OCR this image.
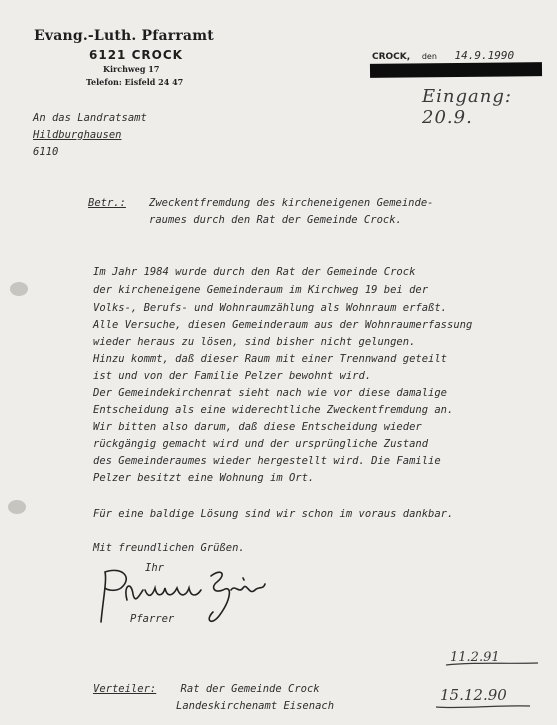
Evang.-Luth. Pfarramt
6121 CROCK
Kirchweg 17
Telefon: Eisfeld 24 47
CROCK, den 14.9.1990
Eingang: 20.9.
An das Landratsamt
Hildburghausen
6110
Betr.: Zweckentfremdung des kircheneigenen Gemeinde-
raumes durch den Rat der Gemeinde Crock.
Im Jahr 1984 wurde durch den Rat der Gemeinde Crock
der kircheneigene Gemeinderaum im Kirchweg 19 bei der
Volks-, Berufs- und Wohnraumzählung als Wohnraum erfaßt.
Alle Versuche, diesen Gemeinderaum aus der Wohnraumerfassung
wieder heraus zu lösen, sind bisher nicht gelungen.
Hinzu kommt, daß dieser Raum mit einer Trennwand geteilt
ist und von der Familie Pelzer bewohnt wird.
Der Gemeindekirchenrat sieht nach wie vor diese damalige
Entscheidung als eine widerechtliche Zweckentfremdung an.
Wir bitten also darum, daß diese Entscheidung wieder
rückgängig gemacht wird und der ursprüngliche Zustand
des Gemeinderaumes wieder hergestellt wird. Die Familie
Pelzer besitzt eine Wohnung im Ort.
Für eine baldige Lösung sind wir schon im voraus dankbar.
Mit freundlichen Grüßen.
Ihr
Pfarrer
Verteiler: Rat der Gemeinde Crock
Landeskirchenamt Eisenach
11.2.91
15.12.90
